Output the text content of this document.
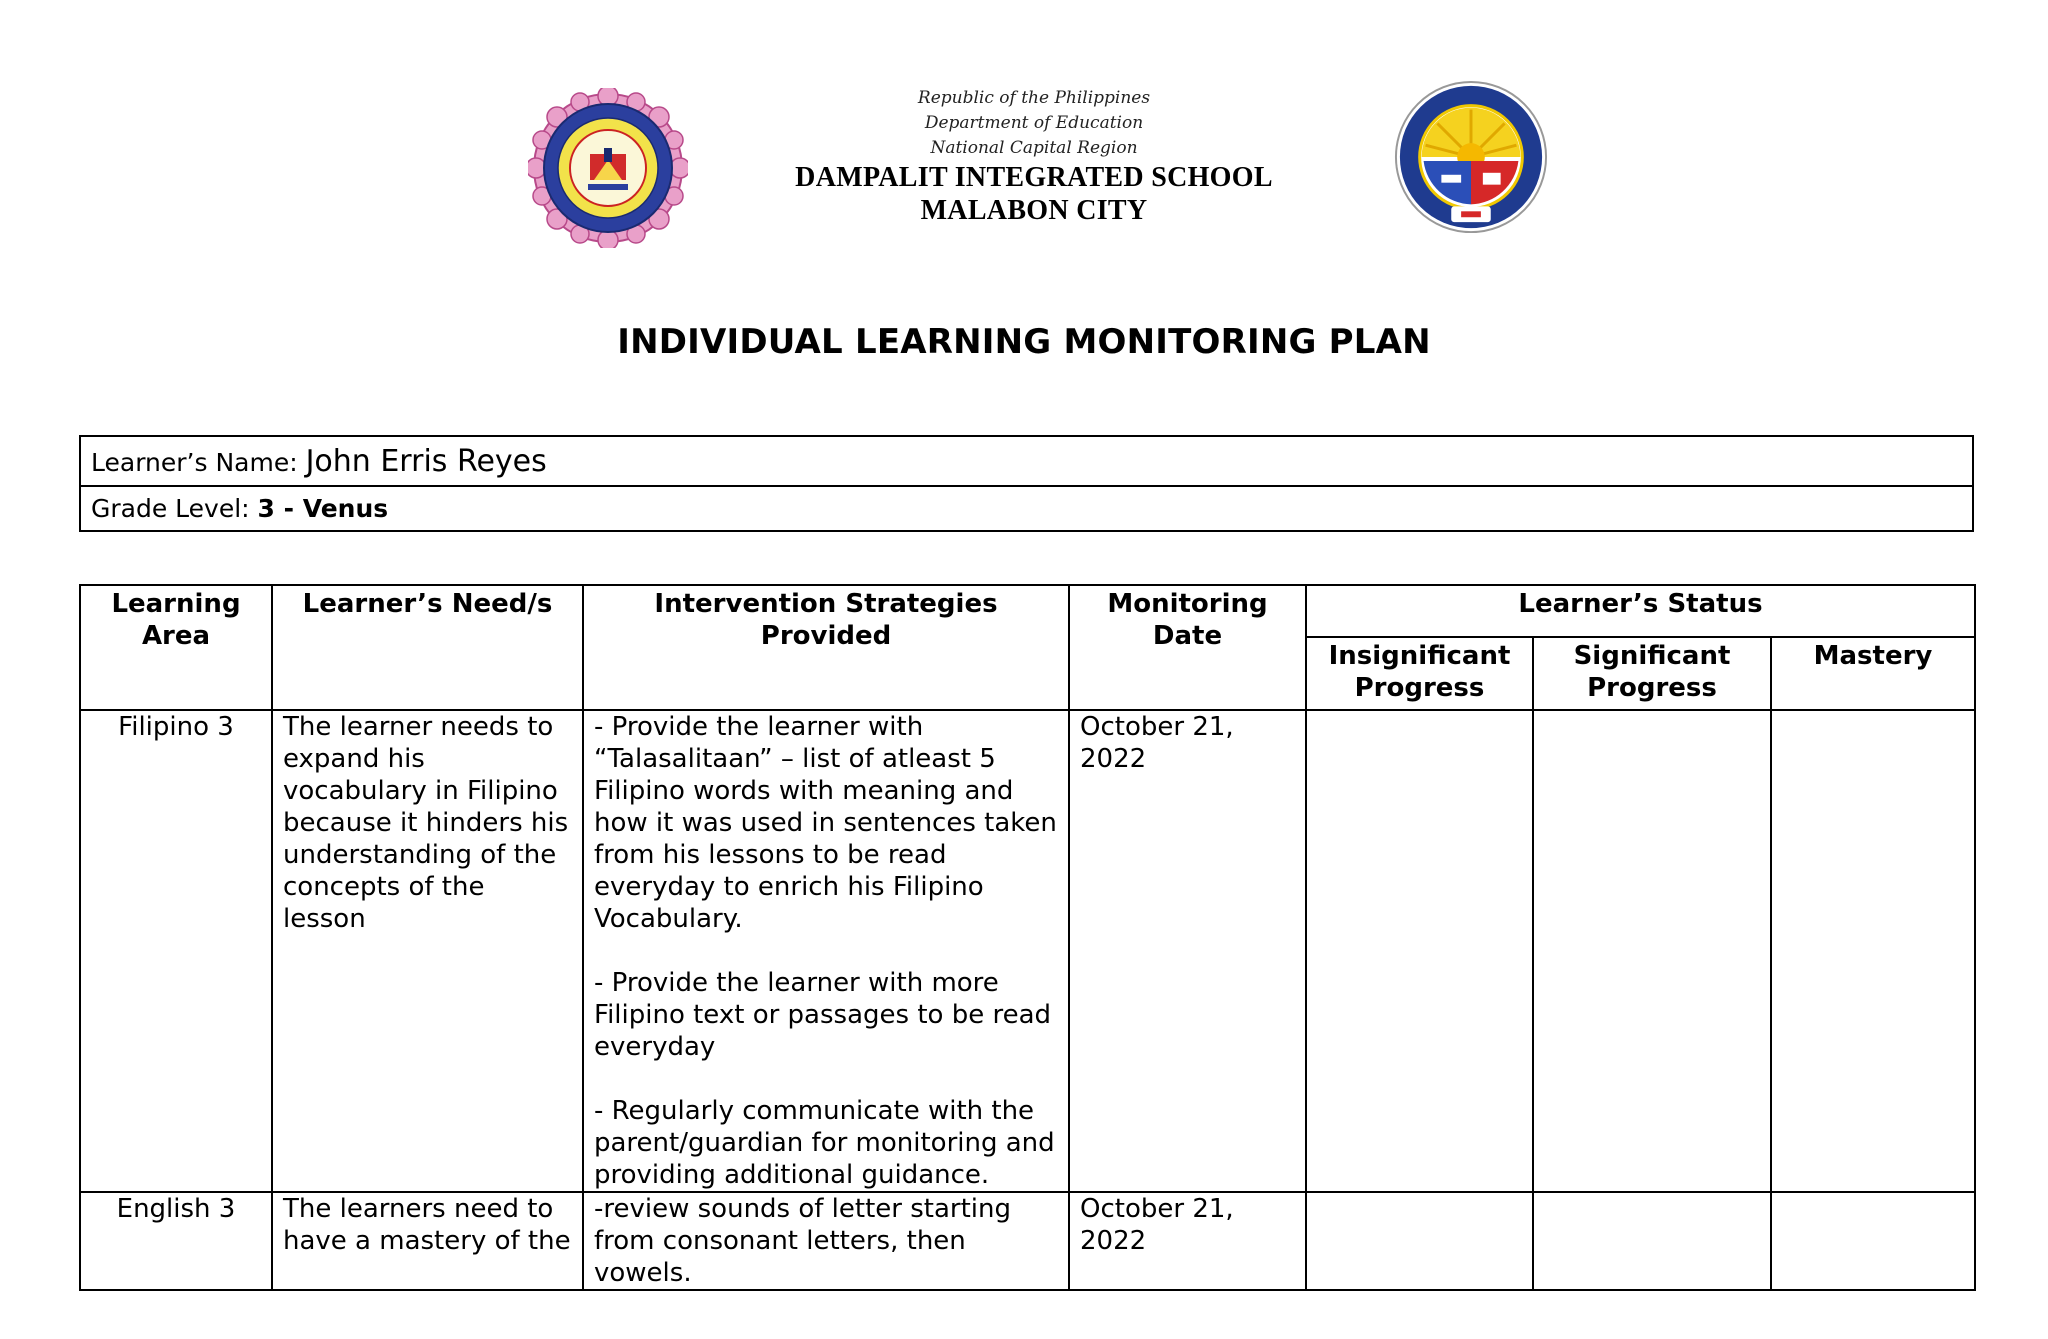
Republic of the Philippines
Department of Education
National Capital Region
DAMPALIT INTEGRATED SCHOOL
MALABON CITY
INDIVIDUAL LEARNING MONITORING PLAN
Learner’s Name: John Erris Reyes
Grade Level: 3 - Venus
Learning Area	Learner’s Need/s	Intervention Strategies Provided	Monitoring Date	Learner’s Status		
				Insignificant Progress	Significant Progress	Mastery
Filipino 3	The learner needs to expand his vocabulary in Filipino because it hinders his understanding of the concepts of the lesson	- Provide the learner with “Talasalitaan” – list of atleast 5 Filipino words with meaning and how it was used in sentences taken from his lessons to be read everyday to enrich his Filipino Vocabulary.

- Provide the learner with more Filipino text or passages to be read everyday

- Regularly communicate with the parent/guardian for monitoring and providing additional guidance.	October 21, 2022			
English 3	The learners need to have a mastery of the	-review sounds of letter starting from consonant letters, then vowels.	October 21, 2022			
